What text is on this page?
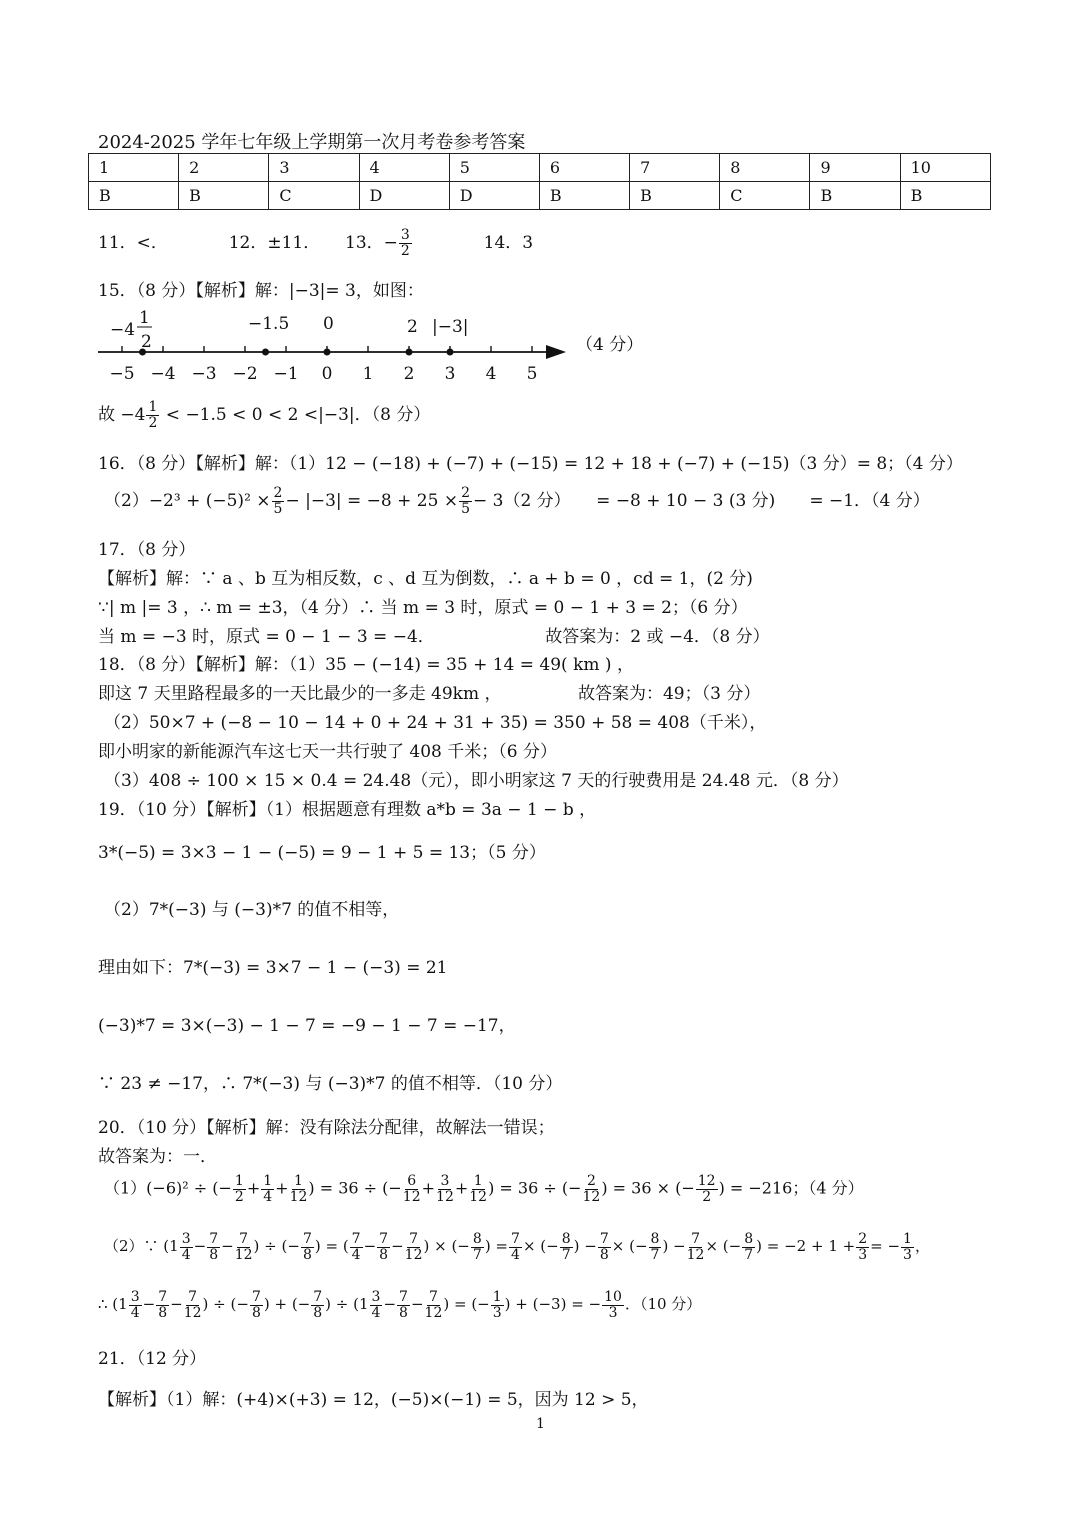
2024-2025 学年七年级上学期第一次月考卷参考答案
1	2	3	4	5	6	7	8	9	10
B	B	C	D	D	B	B	C	B	B
11．<．	12．±11． 13．− $\frac{3}{2}$	14．3
15．（8 分）【解析】解：|−3|= 3，如图：
−5 −4 −3 −2 −1 0 1 2 3 4 5
（4 分）
−4
1
2
−1.5 0	2 |−3|
故 $-4 \frac{1}{2} < -1.5 < 0 < 2 <|-3|$．（8 分）
16．（8 分）【解析】解：（1）12 − (−18) + (−7) + (−15) = 12 + 18 + (−7) + (−15)（3 分）= 8；（4 分）
$(2)-2^3 + (-5)^2 \times \frac{2}{5} - |-3| = -8 + 25 \times \frac{2}{5} - 3(2$ 分）　　= −8 + 10 − 3 (3 分)　　= −1．（4 分）
17．（8 分）
【解析】解：∵ a 、b 互为相反数，c 、d 互为倒数，∴ a + b = 0 ，cd = 1，(2 分)
∵| m |= 3 ，∴ m = ±3，（4 分）∴ 当 m = 3 时，原式 = 0 − 1 + 3 = 2；（6 分）
当 m = −3 时，原式 = 0 − 1 − 3 = −4．　　　　　　　故答案为：2 或 −4．（8 分）
18．（8 分）【解析】解：（1）35 − (−14) = 35 + 14 = 49( km ) ，
即这 7 天里路程最多的一天比最少的一多走 49km ，　　　　　故答案为：49；（3 分）
（2）50×7 + (−8 − 10 − 14 + 0 + 24 + 31 + 35) = 350 + 58 = 408（千米），
即小明家的新能源汽车这七天一共行驶了 408 千米；（6 分）
（3）408 ÷ 100 × 15 × 0.4 = 24.48（元），即小明家这 7 天的行驶费用是 24.48 元．（8 分）
19．（10 分）【解析】（1）根据题意有理数 a*b = 3a − 1 − b ，
3*(−5) = 3×3 − 1 − (−5) = 9 − 1 + 5 = 13；（5 分）
（2）7*(−3) 与 (−3)*7 的值不相等，
理由如下：7*(−3) = 3×7 − 1 − (−3) = 21
(−3)*7 = 3×(−3) − 1 − 7 = −9 − 1 − 7 = −17，
∵ 23 ≠ −17，∴ 7*(−3) 与 (−3)*7 的值不相等．（10 分）
20．（10 分）【解析】解：没有除法分配律，故解法一错误；
故答案为：一．
（1）(−6)² ÷ (− $\frac{1}{2} + \frac{1}{4} + \frac{1}{12}$ ) = 36 ÷ (− $\frac{6}{12} + \frac{3}{12} + \frac{1}{12}$ ) = 36 ÷ (− $\frac{2}{12}$ ) = 36 × (− $\frac{12}{2}$ ) = −216；（4 分）
（2）∵ ($1 \frac{3}{4} - \frac{7}{8} - \frac{7}{12}$ ) ÷ (− $\frac{7}{8}$ ) = ( $\frac{7}{4} - \frac{7}{8} - \frac{7}{12}$ ) × (− $\frac{8}{7}$ ) = $\frac{7}{4}$ × (− $\frac{8}{7}$ ) − $\frac{7}{8}$ × (− $\frac{8}{7}$ ) − $\frac{7}{12}$ × (− $\frac{8}{7}$ ) = $-2 + 1 + \frac{2}{3}$ = − $\frac{1}{3}$ ，
∴ ($1 \frac{3}{4} - \frac{7}{8} - \frac{7}{12}$ ) ÷ (− $\frac{7}{8}$ ) + (− $\frac{7}{8}$ ) ÷ ($1 \frac{3}{4} - \frac{7}{8} - \frac{7}{12}$ ) = (− $\frac{1}{3}$ ) + (−3) = − $\frac{10}{3}$ ．（10 分）
21．（12 分）
【解析】（1）解：(+4)×(+3) = 12，(−5)×(−1) = 5，因为 12 > 5，
1
